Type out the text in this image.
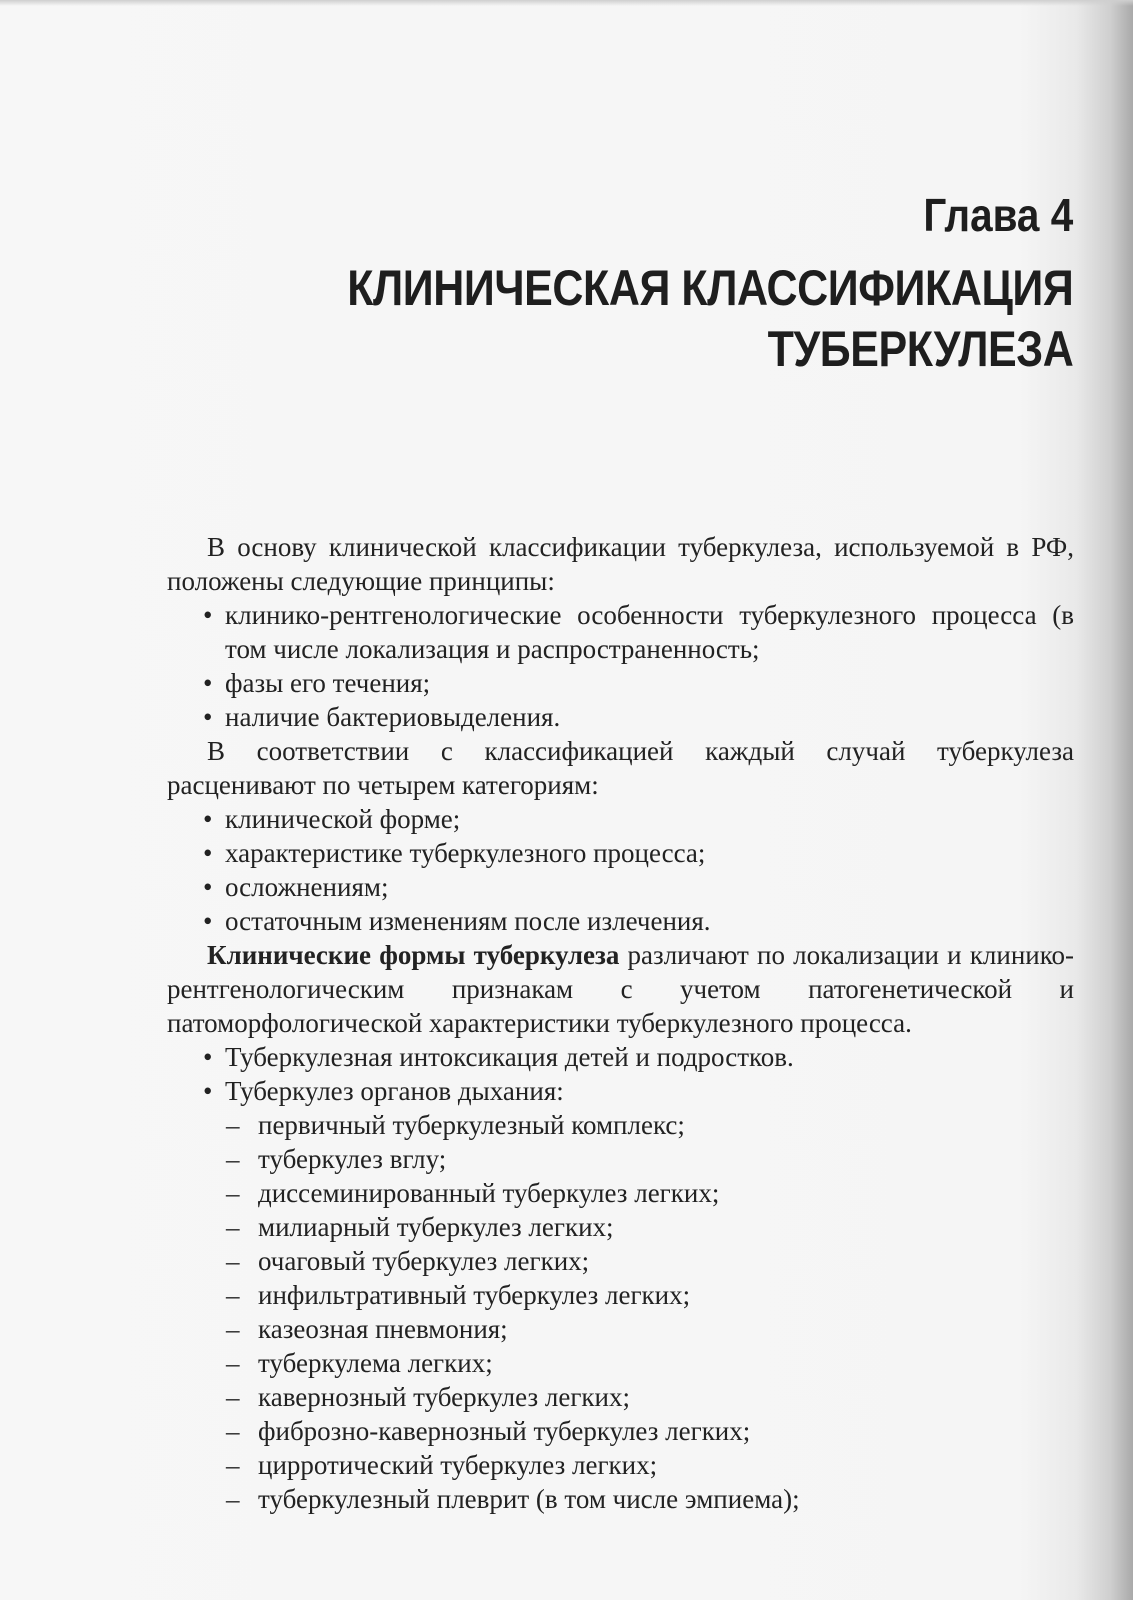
Глава 4
КЛИНИЧЕСКАЯ КЛАССИФИКАЦИЯ
ТУБЕРКУЛЕЗА

В основу клинической классификации туберкулеза, используемой в РФ, положены следующие принципы:

• клинико-рентгенологические особенности туберкулезного процесса (в том числе локализация и распространенность;

• фазы его течения;

• наличие бактериовыделения.

В соответствии с классификацией каждый случай туберкулеза расценивают по четырем категориям:

• клинической форме;

• характеристике туберкулезного процесса;

• осложнениям;

• остаточным изменениям после излечения.

Клинические формы туберкулеза различают по локализации и клинико-рентгенологическим признакам с учетом патогенетической и патоморфологической характеристики туберкулезного процесса.

• Туберкулезная интоксикация детей и подростков.

• Туберкулез органов дыхания:

– первичный туберкулезный комплекс;

– туберкулез вглу;

– диссеминированный туберкулез легких;

– милиарный туберкулез легких;

– очаговый туберкулез легких;

– инфильтративный туберкулез легких;

– казеозная пневмония;

– туберкулема легких;

– кавернозный туберкулез легких;

– фиброзно-кавернозный туберкулез легких;

– цирротический туберкулез легких;

– туберкулезный плеврит (в том числе эмпиема);
